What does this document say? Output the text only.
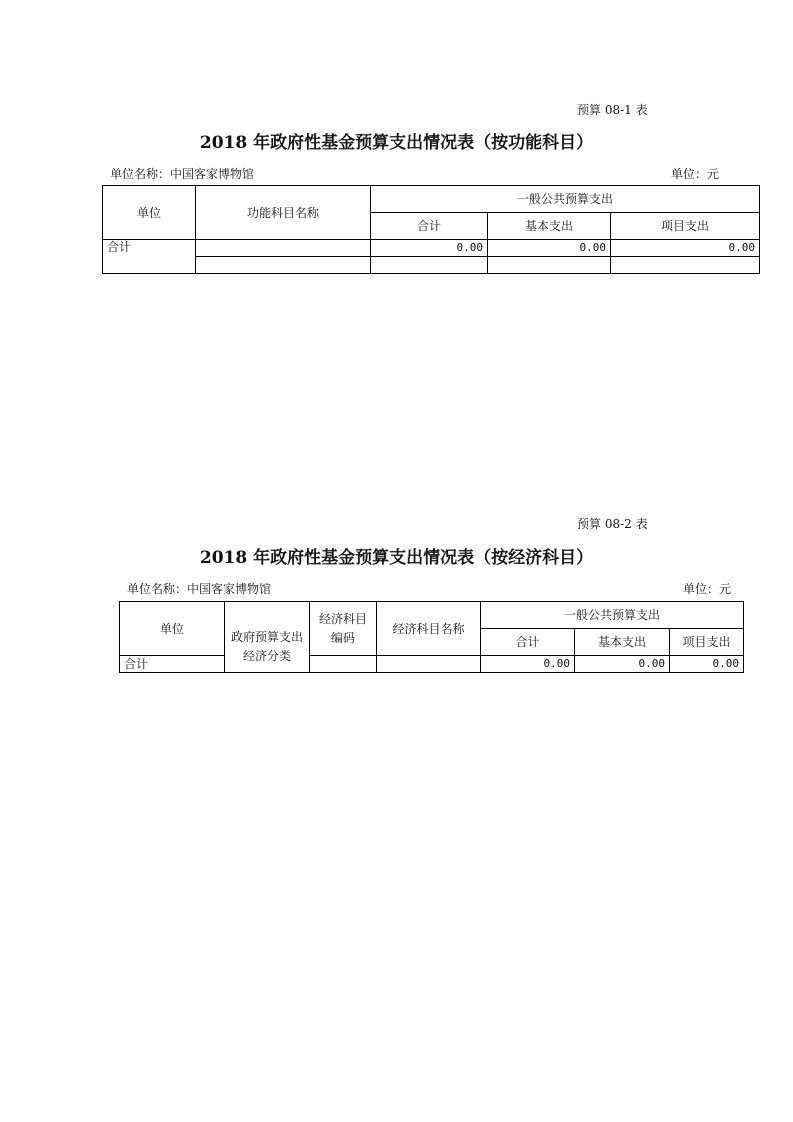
预算 08-1 表
2018 年政府性基金预算支出情况表（按功能科目）
单位名称：中国客家博物馆	单位：元
单位	功能科目名称	一般公共预算支出		
		合计	基本支出	项目支出
合计		0.00	0.00	0.00

预算 08-2 表
2018 年政府性基金预算支出情况表（按经济科目）
单位名称：中国客家博物馆	单位：元
单位	政府预算支出经济分类	经济科目编码	经济科目名称	一般公共预算支出		
				合计	基本支出	项目支出
合计				0.00	0.00	0.00
